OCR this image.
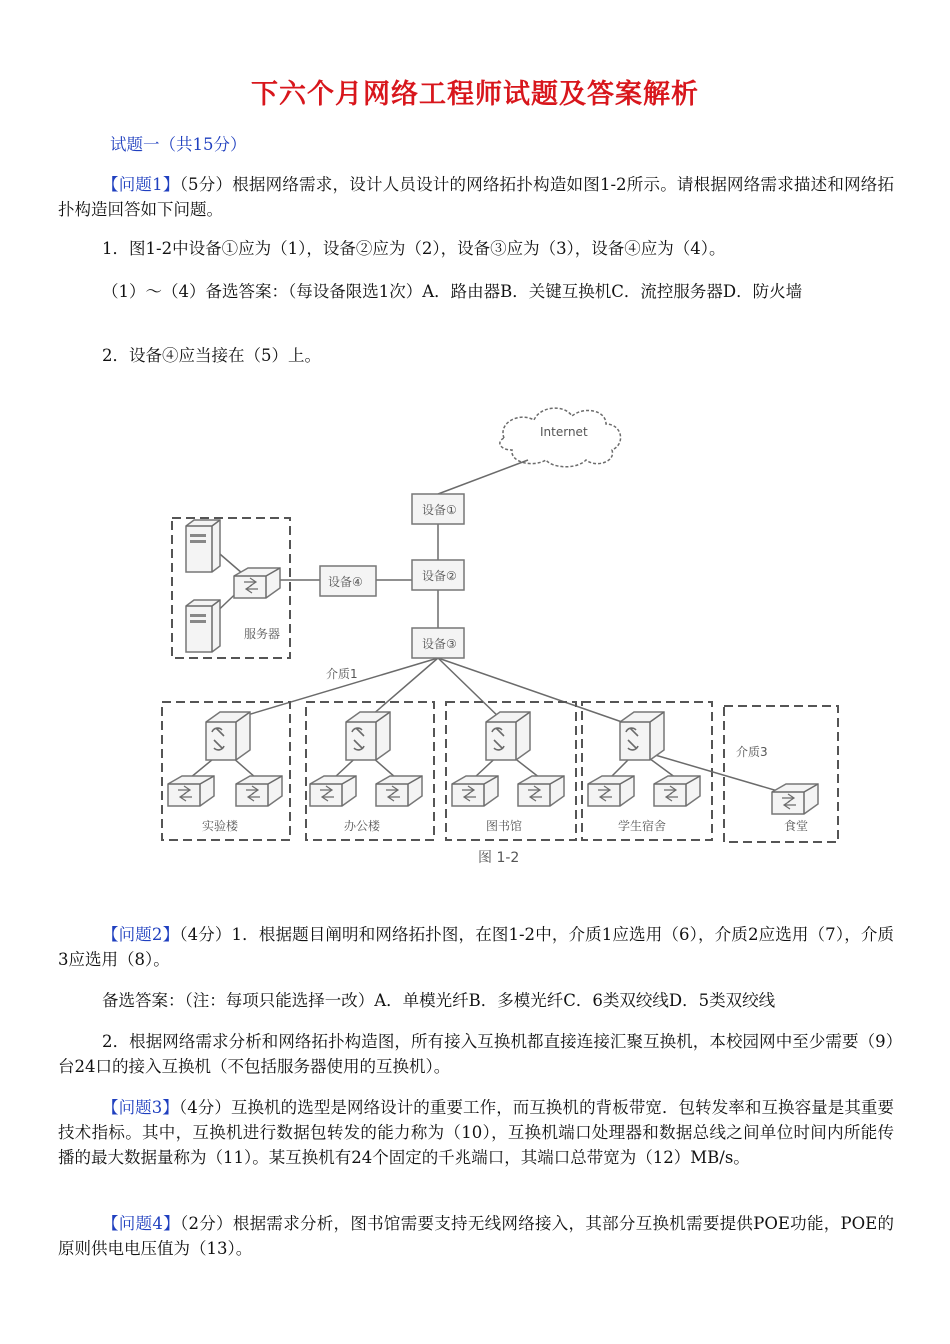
下六个月网络工程师试题及答案解析
试题一（共15分）

【问题1】（5分）根据网络需求，设计人员设计的网络拓扑构造如图1-2所示。请根据网络需求描述和网络拓扑构造回答如下问题。

1．图1-2中设备①应为（1），设备②应为（2），设备③应为（3），设备④应为（4）。

（1）～（4）备选答案：（每设备限选1次）A．路由器B．关键互换机C．流控服务器D．防火墙

2．设备④应当接在（5）上。

Internet
设备①
设备②
设备③
设备④
服务器
介质1
介质3
实验楼	办公楼	图书馆	学生宿舍	食堂
图 1-2

【问题2】（4分）1．根据题目阐明和网络拓扑图，在图1-2中，介质1应选用（6），介质2应选用（7），介质3应选用（8）。

备选答案：（注：每项只能选择一改）A．单模光纤B．多模光纤C．6类双绞线D．5类双绞线

2．根据网络需求分析和网络拓扑构造图，所有接入互换机都直接连接汇聚互换机，本校园网中至少需要（9）台24口的接入互换机（不包括服务器使用的互换机）。

【问题3】（4分）互换机的选型是网络设计的重要工作，而互换机的背板带宽．包转发率和互换容量是其重要技术指标。其中，互换机进行数据包转发的能力称为（10），互换机端口处理器和数据总线之间单位时间内所能传播的最大数据量称为（11）。某互换机有24个固定的千兆端口，其端口总带宽为（12）MB/s。

【问题4】（2分）根据需求分析，图书馆需要支持无线网络接入，其部分互换机需要提供POE功能，POE的原则供电电压值为（13）。
